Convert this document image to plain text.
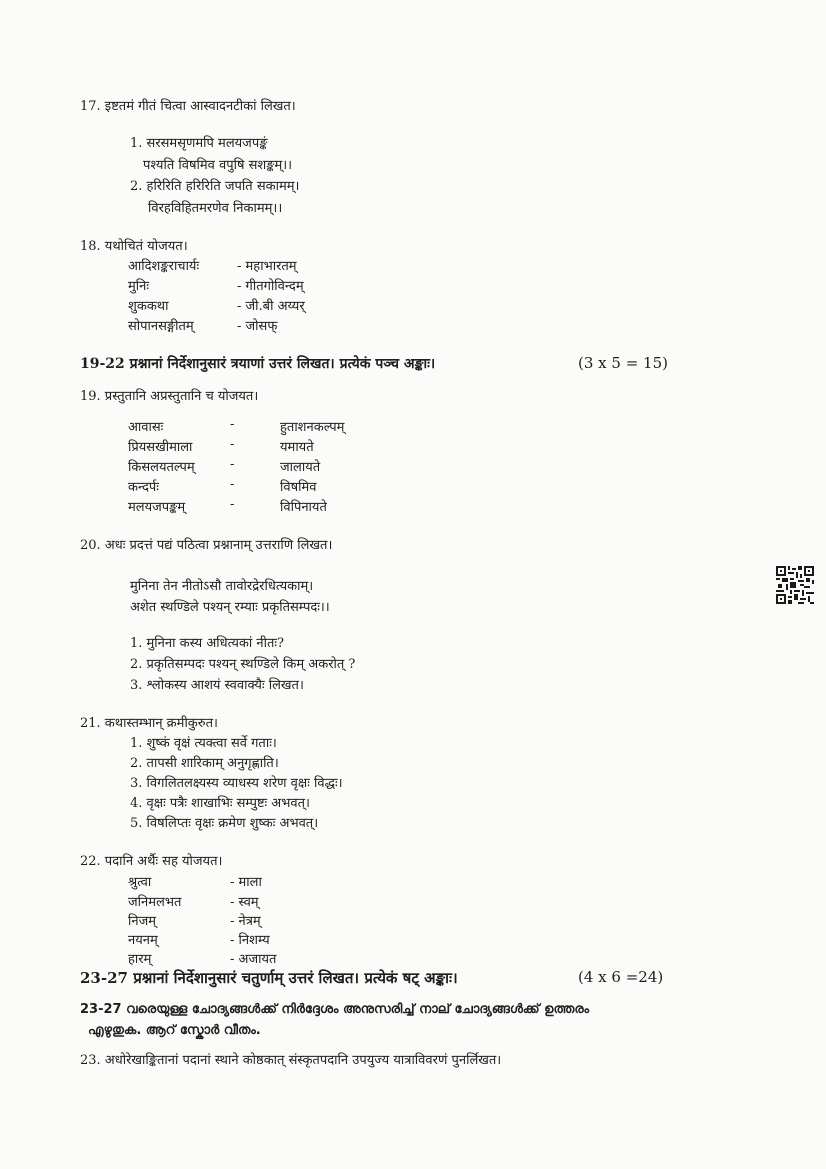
17. इष्टतमं गीतं चित्वा आस्वादनटीकां लिखत।
1. सरसमसृणमपि मलयजपङ्कं
पश्यति विषमिव वपुषि सशङ्कम्।।
2. हरिरिति हरिरिति जपति सकामम्।
विरहविहितमरणेव निकामम्।।
18. यथोचितं योजयत।
आदिशङ्कराचार्यः	- महाभारतम्
मुनिः	- गीतगोविन्दम्
शुककथा	- जी.बी अय्यर्
सोपानसङ्गीतम्	- जोसफ्
19-22 प्रश्नानां निर्देशानुसारं त्रयाणां उत्तरं लिखत। प्रत्येकं पञ्च अङ्काः।	(3 x 5 = 15)
19. प्रस्तुतानि अप्रस्तुतानि च योजयत।
आवासः	-	हुताशनकल्पम्
प्रियसखीमाला	-	यमायते
किसलयतल्पम्	-	जालायते
कन्दर्पः	-	विषमिव
मलयजपङ्कम्	-	विपिनायते
20. अधः प्रदत्तं पद्यं पठित्वा प्रश्नानाम् उत्तराणि लिखत।
मुनिना तेन नीतोऽसौ तावोरद्रेरधित्यकाम्।
अशेत स्थण्डिले पश्यन् रम्याः प्रकृतिसम्पदः।।
1. मुनिना कस्य अधित्यकां नीतः?
2. प्रकृतिसम्पदः पश्यन् स्थण्डिले किम् अकरोत् ?
3. श्लोकस्य आशयं स्ववाक्यैः लिखत।
21. कथास्तम्भान् क्रमीकुरुत।
1. शुष्कं वृक्षं त्यक्त्वा सर्वे गताः।
2. तापसी शारिकाम् अनुगृह्णाति।
3. विगलितलक्ष्यस्य व्याधस्य शरेण वृक्षः विद्धः।
4. वृक्षः पत्रैः शाखाभिः सम्पुष्टः अभवत्।
5. विषलिप्तः वृक्षः क्रमेण शुष्कः अभवत्।
22. पदानि अर्थैः सह योजयत।
श्रुत्वा	- माला
जनिमलभत	- स्वम्
निजम्	- नेत्रम्
नयनम्	- निशम्य
हारम्	- अजायत
23-27 प्रश्नानां निर्देशानुसारं चतुर्णाम् उत्तरं लिखत। प्रत्येकं षट् अङ्काः।	(4 x 6 =24)
23-27 വരെയുള്ള ചോദ്യങ്ങൾക്ക് നിർദ്ദേശം അനുസരിച്ച് നാല് ചോദ്യങ്ങൾക്ക് ഉത്തരം
എഴുതുക. ആറ് സ്കോർ വീതം.
23. अधोरेखाङ्कितानां पदानां स्थाने कोष्ठकात् संस्कृतपदानि उपयुज्य यात्राविवरणं पुनर्लिखत।
